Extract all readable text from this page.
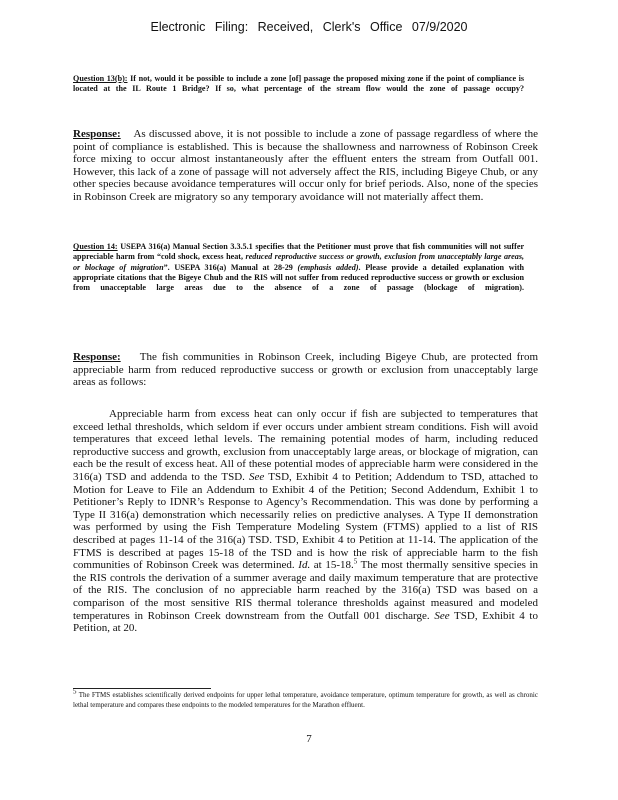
Electronic Filing: Received, Clerk's Office 07/9/2020
Question 13(b): If not, would it be possible to include a zone [of] passage the proposed mixing zone if the point of compliance is located at the IL Route 1 Bridge? If so, what percentage of the stream flow would the zone of passage occupy?
Response: As discussed above, it is not possible to include a zone of passage regardless of where the point of compliance is established. This is because the shallowness and narrowness of Robinson Creek force mixing to occur almost instantaneously after the effluent enters the stream from Outfall 001. However, this lack of a zone of passage will not adversely affect the RIS, including Bigeye Chub, or any other species because avoidance temperatures will occur only for brief periods. Also, none of the species in Robinson Creek are migratory so any temporary avoidance will not materially affect them.
Question 14: USEPA 316(a) Manual Section 3.3.5.1 specifies that the Petitioner must prove that fish communities will not suffer appreciable harm from “cold shock, excess heat, reduced reproductive success or growth, exclusion from unacceptably large areas, or blockage of migration”. USEPA 316(a) Manual at 28-29 (emphasis added). Please provide a detailed explanation with appropriate citations that the Bigeye Chub and the RIS will not suffer from reduced reproductive success or growth or exclusion from unacceptable large areas due to the absence of a zone of passage (blockage of migration).
Response: The fish communities in Robinson Creek, including Bigeye Chub, are protected from appreciable harm from reduced reproductive success or growth or exclusion from unacceptably large areas as follows:
Appreciable harm from excess heat can only occur if fish are subjected to temperatures that exceed lethal thresholds, which seldom if ever occurs under ambient stream conditions. Fish will avoid temperatures that exceed lethal levels. The remaining potential modes of harm, including reduced reproductive success and growth, exclusion from unacceptably large areas, or blockage of migration, can each be the result of excess heat. All of these potential modes of appreciable harm were considered in the 316(a) TSD and addenda to the TSD. See TSD, Exhibit 4 to Petition; Addendum to TSD, attached to Motion for Leave to File an Addendum to Exhibit 4 of the Petition; Second Addendum, Exhibit 1 to Petitioner’s Reply to IDNR’s Response to Agency’s Recommendation. This was done by performing a Type II 316(a) demonstration which necessarily relies on predictive analyses. A Type II demonstration was performed by using the Fish Temperature Modeling System (FTMS) applied to a list of RIS described at pages 11-14 of the 316(a) TSD. TSD, Exhibit 4 to Petition at 11-14. The application of the FTMS is described at pages 15-18 of the TSD and is how the risk of appreciable harm to the fish communities of Robinson Creek was determined. Id. at 15-18.$^5$ The most thermally sensitive species in the RIS controls the derivation of a summer average and daily maximum temperature that are protective of the RIS. The conclusion of no appreciable harm reached by the 316(a) TSD was based on a comparison of the most sensitive RIS thermal tolerance thresholds against measured and modeled temperatures in Robinson Creek downstream from the Outfall 001 discharge. See TSD, Exhibit 4 to Petition, at 20.
$^5$ The FTMS establishes scientifically derived endpoints for upper lethal temperature, avoidance temperature, optimum temperature for growth, as well as chronic lethal temperature and compares these endpoints to the modeled temperatures for the Marathon effluent.
7
